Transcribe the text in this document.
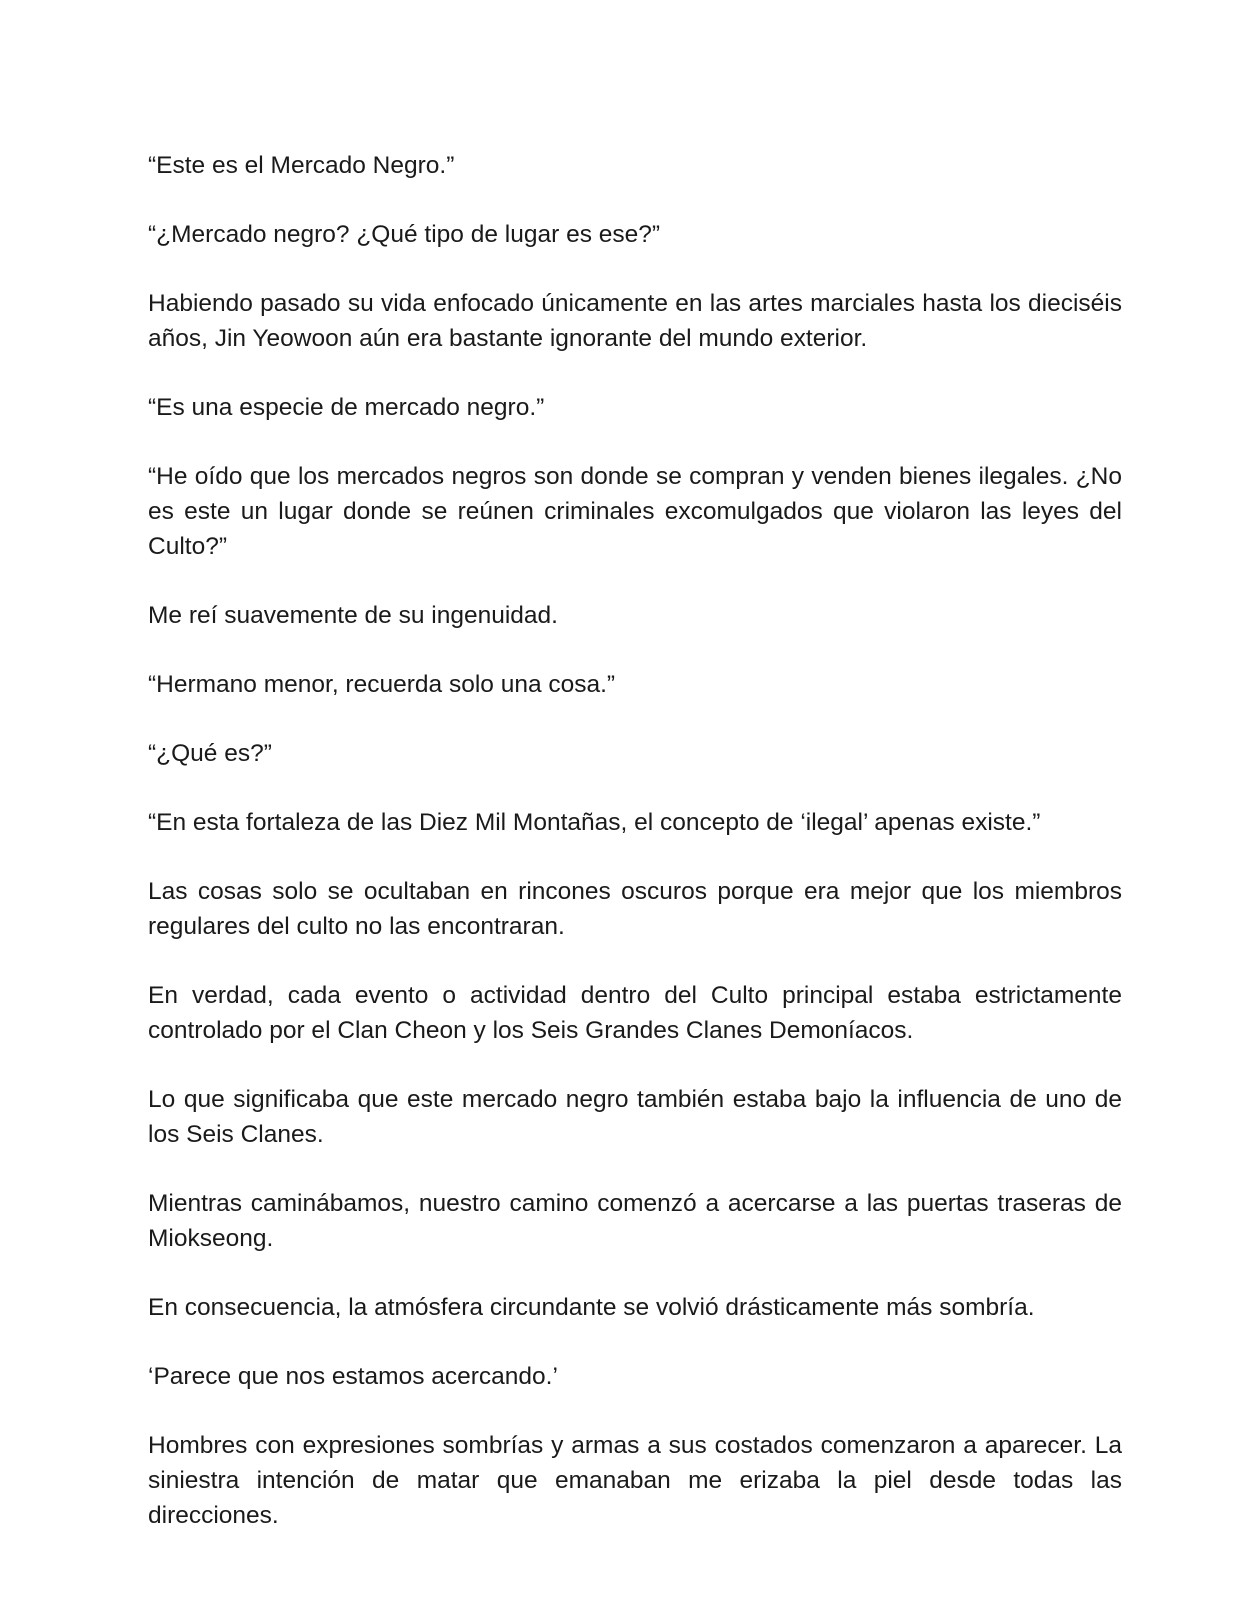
“Este es el Mercado Negro.”

“¿Mercado negro? ¿Qué tipo de lugar es ese?”

Habiendo pasado su vida enfocado únicamente en las artes marciales hasta los dieciséis años, Jin Yeowoon aún era bastante ignorante del mundo exterior.

“Es una especie de mercado negro.”

“He oído que los mercados negros son donde se compran y venden bienes ilegales. ¿No es este un lugar donde se reúnen criminales excomulgados que violaron las leyes del Culto?”

Me reí suavemente de su ingenuidad.

“Hermano menor, recuerda solo una cosa.”

“¿Qué es?”

“En esta fortaleza de las Diez Mil Montañas, el concepto de ‘ilegal’ apenas existe.”

Las cosas solo se ocultaban en rincones oscuros porque era mejor que los miembros regulares del culto no las encontraran.

En verdad, cada evento o actividad dentro del Culto principal estaba estrictamente controlado por el Clan Cheon y los Seis Grandes Clanes Demoníacos.

Lo que significaba que este mercado negro también estaba bajo la influencia de uno de los Seis Clanes.

Mientras caminábamos, nuestro camino comenzó a acercarse a las puertas traseras de Miokseong.

En consecuencia, la atmósfera circundante se volvió drásticamente más sombría.

‘Parece que nos estamos acercando.’

Hombres con expresiones sombrías y armas a sus costados comenzaron a aparecer. La siniestra intención de matar que emanaban me erizaba la piel desde todas las direcciones.
